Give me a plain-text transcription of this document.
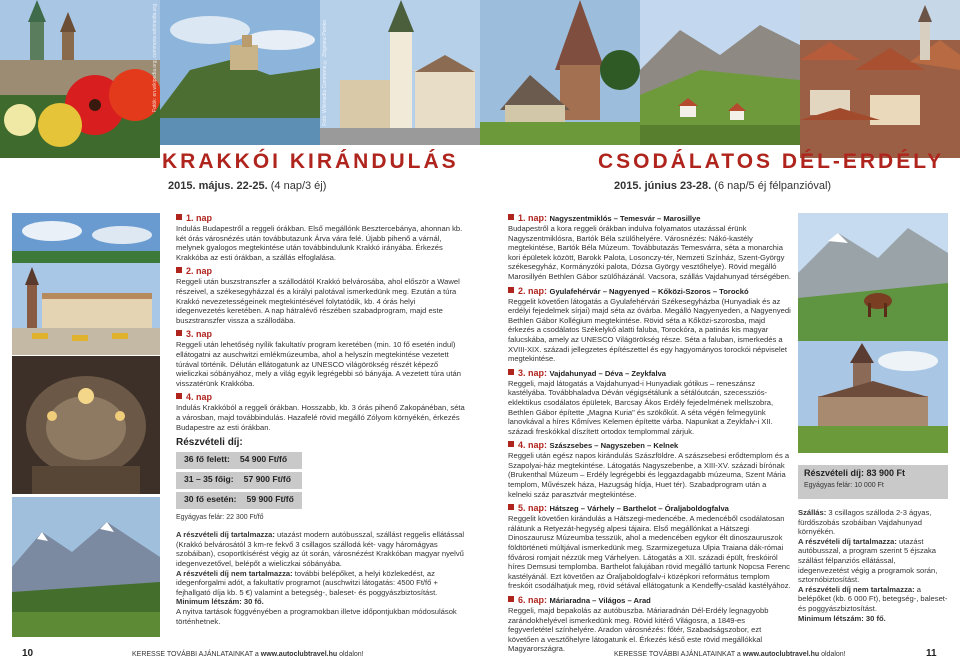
Fotók: en.wikipedia.org, commons.wikimedia.org	Fotó: Wikimedia Commons © Zbigniew Pomko
KRAKKÓI KIRÁNDULÁS
2015. május. 22-25. (4 nap/3 éj)
CSODÁLATOS DÉL-ERDÉLY
2015. június 23-28. (6 nap/5 éj félpanzióval)
1. nap
Indulás Budapestről a reggeli órákban. Első megállónk Besztercebánya, ahonnan kb. két órás városnézés után továbbutazunk Árva vára felé. Újabb pihenő a várnál, melynek gyalogos megtekintése után továbbindulunk Krakkó irányába. Érkezés Krakkóba az esti órákban, a szállás elfoglalása.
2. nap
Reggeli után buszstranszfer a szállodától Krakkó belvárosába, ahol először a Wawel részeivel, a székesegyházzal és a királyi palotával ismerkedünk meg. Ezután a túra Krakkó nevezetességeinek megtekintésével folytatódik, kb. 4 órás helyi idegenvezetés keretében. A nap hátralévő részében szabadprogram, majd este buszstranszfer vissza a szállodába.
3. nap
Reggeli után lehetőség nyílik fakultatív program keretében (min. 10 fő esetén indul) ellátogatni az auschwitzi emlékmúzeumba, ahol a helyszín megtekintése vezetett túrával történik. Délután ellátogatunk az UNESCO világörökség részét képező wieliczkai sóbányához, mely a világ egyik legrégebbi só bányája. A vezetett túra után visszatérünk Krakkóba.
4. nap
Indulás Krakkóból a reggeli órákban. Hosszabb, kb. 3 órás pihenő Zakopánéban, séta a városban, majd továbbindulás. Hazafelé rövid megálló Zólyom környékén, érkezés Budapestre az esti órákban.
Részvételi díj:
36 fő felett: 54 900 Ft/fő
31 – 35 főig: 57 900 Ft/fő
30 fő esetén: 59 900 Ft/fő
Egyágyas felár: 22 300 Ft/fő
A részvételi díj tartalmazza: utazást modern autóbusszal, szállást reggelis ellátással (Krakkó belvárosától 3 km-re fekvő 3 csillagos szállodá két- vagy háromágyas szobáiban), csoportkísérést végig az út során, városnézést Krakkóban magyar nyelvű idegenvezetővel, belépőt a wieliczkai sóbányába.
A részvételi díj nem tartalmazza: további belépőket, a helyi közlekedést, az idegenforgalmi adót, a fakultatív programot (auschwitzi látogatás: 4500 Ft/fő + fejhallgató díja kb. 5 €) valamint a betegség-, baleset- és poggyászbiztosítást.
Minimum létszám: 30 fő.
A nyitva tartások függvényében a programokban illetve időpontjukban módosulások történhetnek.
1. nap: Nagyszentmiklós – Temesvár – Marosillye
Budapestről a kora reggeli órákban indulva folyamatos utazással érünk Nagyszentmiklósra, Bartók Béla szülőhelyére. Városnézés: Nákó-kastély megtekintése, Bartók Béla Múzeum. Továbbutazás Temesvárra, séta a monarchia kori épületek között, Barokk Palota, Losonczy-tér, Nemzeti Színház, Szent-György székesegyház, Kormányzóki palota, Dózsa György vesztőhelye). Rövid megálló Marosillyén Bethlen Gábor szülőházánál. Vacsora, szállás Vajdahunyad térségében.
2. nap: Gyulafehérvár – Nagyenyed – Kőközi-Szoros – Torockó
Reggelit követően látogatás a Gyulafehérvári Székesegyházba (Hunyadiak és az erdélyi fejedelmek sírjai) majd séta az óvárba. Megálló Nagyenyeden, a Nagyenyedi Bethlen Gábor Kollégium megtekintése. Rövid séta a Kőközi-szorosba, majd érkezés a csodálatos Székelykő alatti faluba, Torockóra, a patinás kis magyar falucskába, amely az UNESCO Világörökség része. Séta a faluban, ismerkedés a XVIII-XIX. századi jellegzetes építészettel és egy hagyományos torockói népviselet megtekintése.
3. nap: Vajdahunyad – Déva – Zeykfalva
Reggeli, majd látogatás a Vajdahunyad-i Hunyadiak gótikus – reneszánsz kastélyába. Továbbhaladva Déván végigsétálunk a sétálóutcán, szecessziós-eklektikus csodálatos épületek, Barcsay Ákos Erdély fejedelmének mellszobra, Bethlen Gábor építette „Magna Kuria" és szökőkút. A séta végén felmegyünk lanovkával a híres Kőmíves Kelemen építette várba. Napunkat a Zeykfalv-i XII. századi freskókkal díszített ortodox templommal zárjuk.
4. nap: Szászsebes – Nagyszeben – Kelnek
Reggeli után egész napos kirándulás Szászföldre. A szászsebesi erődtemplom és a Szapolyai-ház megtekintése. Látogatás Nagyszebenbe, a XIII-XV. századi bírónak (Brukenthal Múzeum – Erdély legrégebbi és leggazdagabb múzeuma, Szent Mária templom, Művészek háza, Hazugság hídja, Huet tér). Szabadprogram után a kelneki száz parasztvár megtekintése.
5. nap: Hátszeg – Várhely – Barthelot – Óraljaboldogfalva
Reggelit követően kirándulás a Hátszegi-medencébe. A medencéből csodálatosan rálátunk a Retyezát-hegység alpesi tájaira. Első megállónkat a Hátszegi Dinoszaurusz Múzeumba tesszük, ahol a medencében egykor élt dinoszauruszok földtörténeti múltjával ismerkedünk meg. Szarmizegetuza Ulpia Traiana dák-római fővárosi romjait nézzük meg Várhelyen. Látogatás a XII. századi épült, freskóiról híres Demsusi templomba. Barthelot falujában rövid megálló tartunk Nopcsa Ferenc kastélyánál. Ezt követően az Óraljaboldogfalv-i középkori református templom freskóit csodálhatjuk meg, rövid sétával ellátogatunk a Kendeffy-család kastélyához.
6. nap: Máriaradna – Világos – Arad
Reggeli, majd bepakolás az autóbuszba. Máriaradnán Dél-Erdély legnagyobb zarándokhelyével ismerkedünk meg. Rövid kitérő Világosra, a 1849-es fegyverletétel színhelyére. Aradon városnézés: főtér, Szabadságszobor, ezt követően a vesztőhelyre látogatunk el. Érkezés késő este rövid megállókkal Magyarországra.
Részvételi díj: 83 900 Ft
Egyágyas felár: 10 000 Ft
Szállás: 3 csillagos szálloda 2-3 ágyas, fürdőszobás szobáiban Vajdahunyad környékén.
A részvételi díj tartalmazza: utazást autóbusszal, a program szerint 5 éjszaka szállást félpanziós ellátással, idegenvezetést végig a programok során, sztornóbiztosítást.
A részvételi díj nem tartalmazza: a belépőket (kb. 6 000 Ft), betegség-, baleset- és poggyászbiztosítást.
Minimum létszám: 30 fő.
10	KERESSE TOVÁBBI AJÁNLATAINKAT a www.autoclubtravel.hu oldalon!	KERESSE TOVÁBBI AJÁNLATAINKAT a www.autoclubtravel.hu oldalon!	11
